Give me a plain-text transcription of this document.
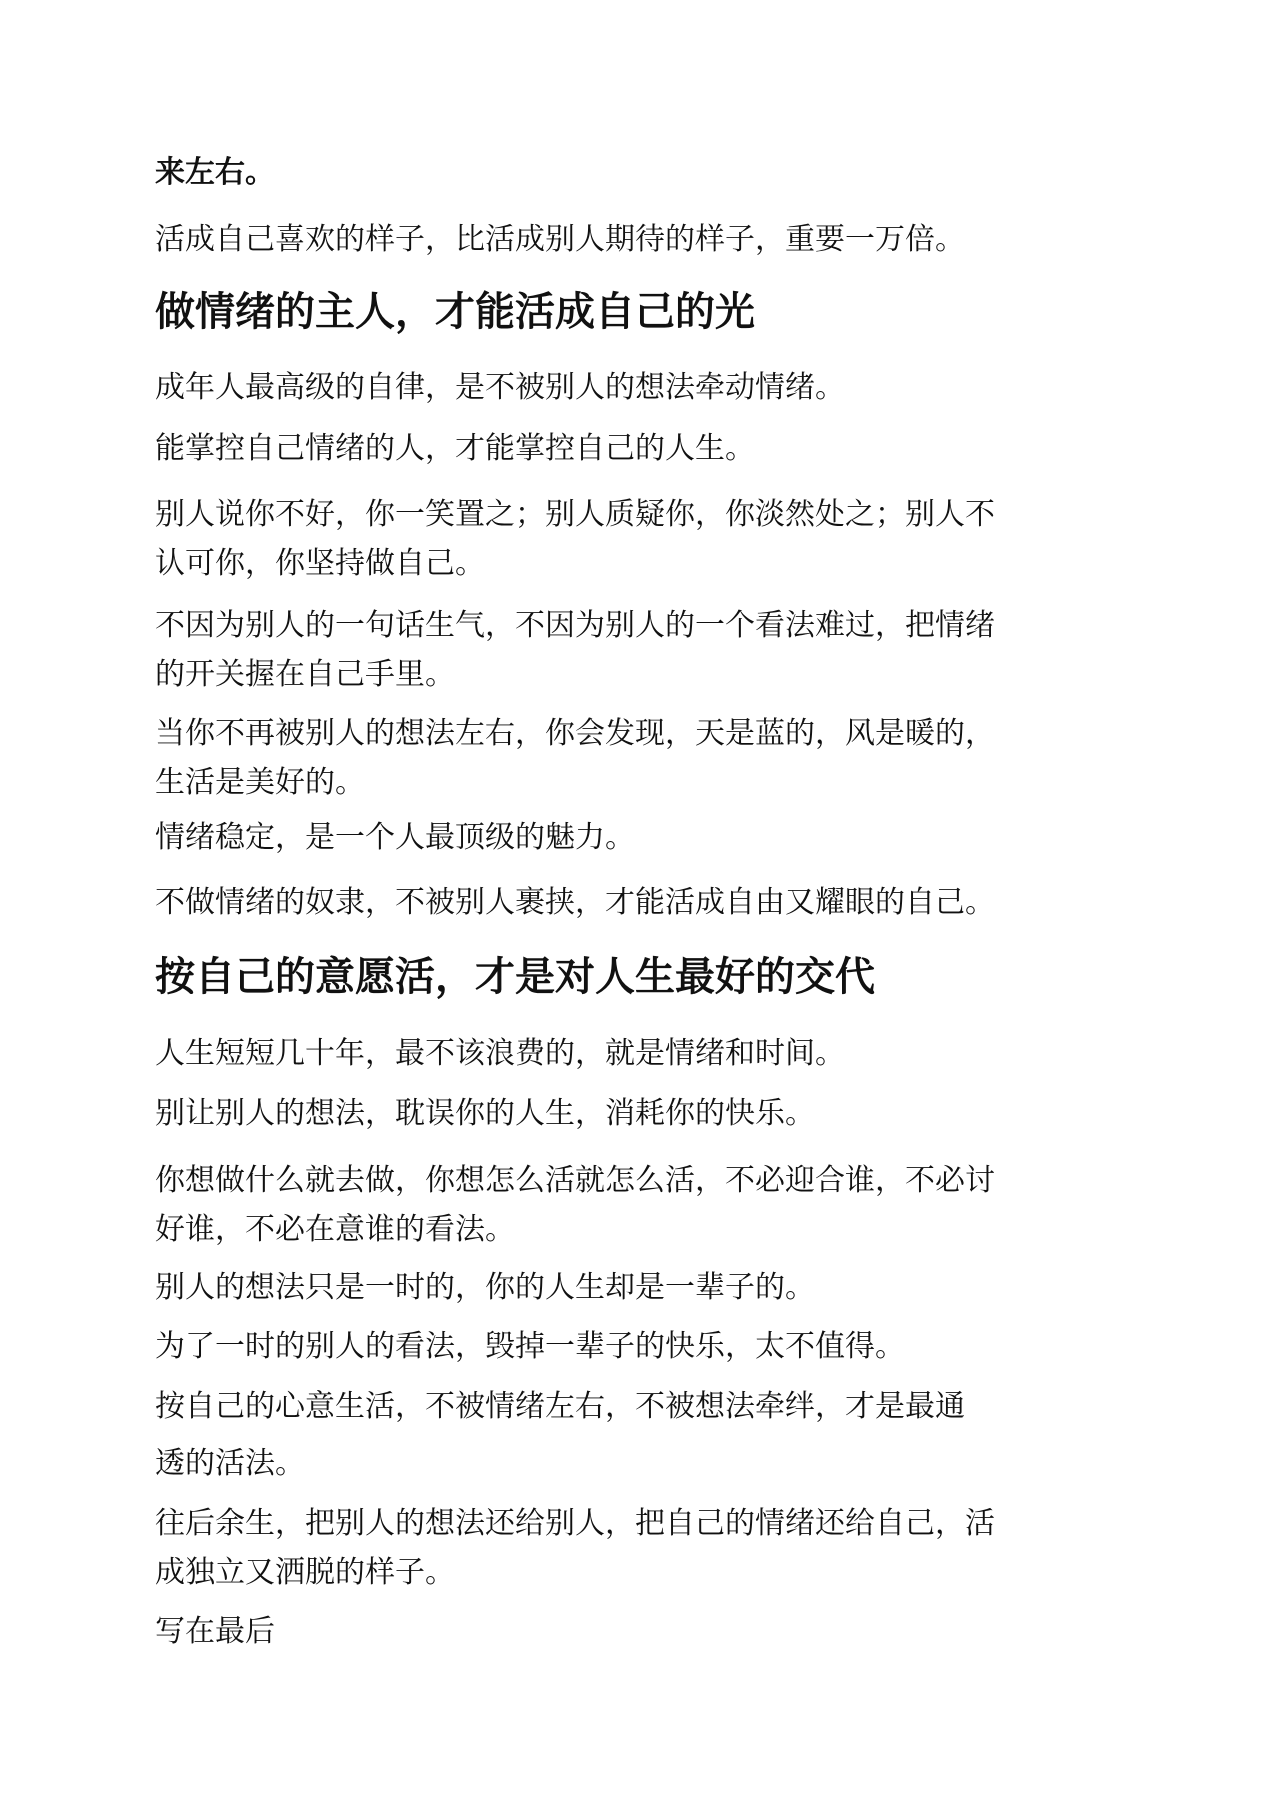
来左右。

活成自己喜欢的样子，比活成别人期待的样子，重要一万倍。

做情绪的主人，才能活成自己的光

成年人最高级的自律，是不被别人的想法牵动情绪。

能掌控自己情绪的人，才能掌控自己的人生。

别人说你不好，你一笑置之；别人质疑你，你淡然处之；别人不

认可你，你坚持做自己。

不因为别人的一句话生气，不因为别人的一个看法难过，把情绪

的开关握在自己手里。

当你不再被别人的想法左右，你会发现，天是蓝的，风是暖的，

生活是美好的。

情绪稳定，是一个人最顶级的魅力。

不做情绪的奴隶，不被别人裹挟，才能活成自由又耀眼的自己。

按自己的意愿活，才是对人生最好的交代

人生短短几十年，最不该浪费的，就是情绪和时间。

别让别人的想法，耽误你的人生，消耗你的快乐。

你想做什么就去做，你想怎么活就怎么活，不必迎合谁，不必讨

好谁，不必在意谁的看法。

别人的想法只是一时的，你的人生却是一辈子的。

为了一时的别人的看法，毁掉一辈子的快乐，太不值得。

按自己的心意生活，不被情绪左右，不被想法牵绊，才是最通

透的活法。

往后余生，把别人的想法还给别人，把自己的情绪还给自己，活

成独立又洒脱的样子。

写在最后
